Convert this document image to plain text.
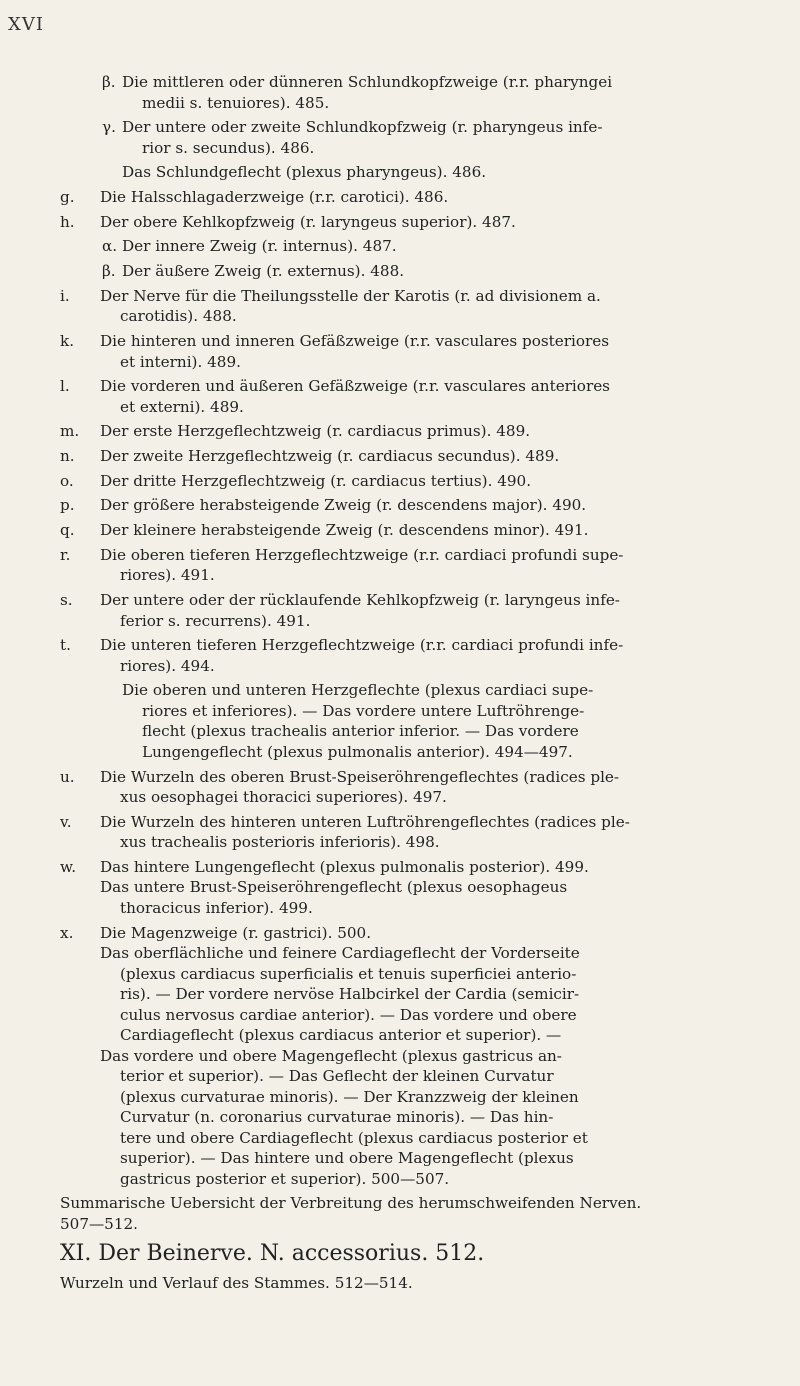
XVI
β. Die mittleren oder dünneren Schlundkopfzweige (r.r. pharyngei
medii s. tenuiores). 485.
γ. Der untere oder zweite Schlundkopfzweig (r. pharyngeus infe-
rior s. secundus). 486.
Das Schlundgeflecht (plexus pharyngeus). 486.
g. Die Halsschlagaderzweige (r.r. carotici). 486.
h. Der obere Kehlkopfzweig (r. laryngeus superior). 487.
α. Der innere Zweig (r. internus). 487.
β. Der äußere Zweig (r. externus). 488.
i. Der Nerve für die Theilungsstelle der Karotis (r. ad divisionem a.
carotidis). 488.
k. Die hinteren und inneren Gefäßzweige (r.r. vasculares posteriores
et interni). 489.
l. Die vorderen und äußeren Gefäßzweige (r.r. vasculares anteriores
et externi). 489.
m. Der erste Herzgeflechtzweig (r. cardiacus primus). 489.
n. Der zweite Herzgeflechtzweig (r. cardiacus secundus). 489.
o. Der dritte Herzgeflechtzweig (r. cardiacus tertius). 490.
p. Der größere herabsteigende Zweig (r. descendens major). 490.
q. Der kleinere herabsteigende Zweig (r. descendens minor). 491.
r. Die oberen tieferen Herzgeflechtzweige (r.r. cardiaci profundi supe-
riores). 491.
s. Der untere oder der rücklaufende Kehlkopfzweig (r. laryngeus infe-
ferior s. recurrens). 491.
t. Die unteren tieferen Herzgeflechtzweige (r.r. cardiaci profundi infe-
riores). 494.
Die oberen und unteren Herzgeflechte (plexus cardiaci supe-
riores et inferiores). — Das vordere untere Luftröhrenge-
flecht (plexus trachealis anterior inferior. — Das vordere
Lungengeflecht (plexus pulmonalis anterior). 494—497.
u. Die Wurzeln des oberen Brust-Speiseröhrengeflechtes (radices ple-
xus oesophagei thoracici superiores). 497.
v. Die Wurzeln des hinteren unteren Luftröhrengeflechtes (radices ple-
xus trachealis posterioris inferioris). 498.
w. Das hintere Lungengeflecht (plexus pulmonalis posterior). 499.
Das untere Brust-Speiseröhrengeflecht (plexus oesophageus
thoracicus inferior). 499.
x. Die Magenzweige (r. gastrici). 500.
Das oberflächliche und feinere Cardiageflecht der Vorderseite
(plexus cardiacus superficialis et tenuis superficiei anterio-
ris). — Der vordere nervöse Halbcirkel der Cardia (semicir-
culus nervosus cardiae anterior). — Das vordere und obere
Cardiageflecht (plexus cardiacus anterior et superior). —
Das vordere und obere Magengeflecht (plexus gastricus an-
terior et superior). — Das Geflecht der kleinen Curvatur
(plexus curvaturae minoris). — Der Kranzzweig der kleinen
Curvatur (n. coronarius curvaturae minoris). — Das hin-
tere und obere Cardiageflecht (plexus cardiacus posterior et
superior). — Das hintere und obere Magengeflecht (plexus
gastricus posterior et superior). 500—507.
Summarische Uebersicht der Verbreitung des herumschweifenden Nerven.
507—512.
XI. Der Beinerve. N. accessorius. 512.
Wurzeln und Verlauf des Stammes. 512—514.
